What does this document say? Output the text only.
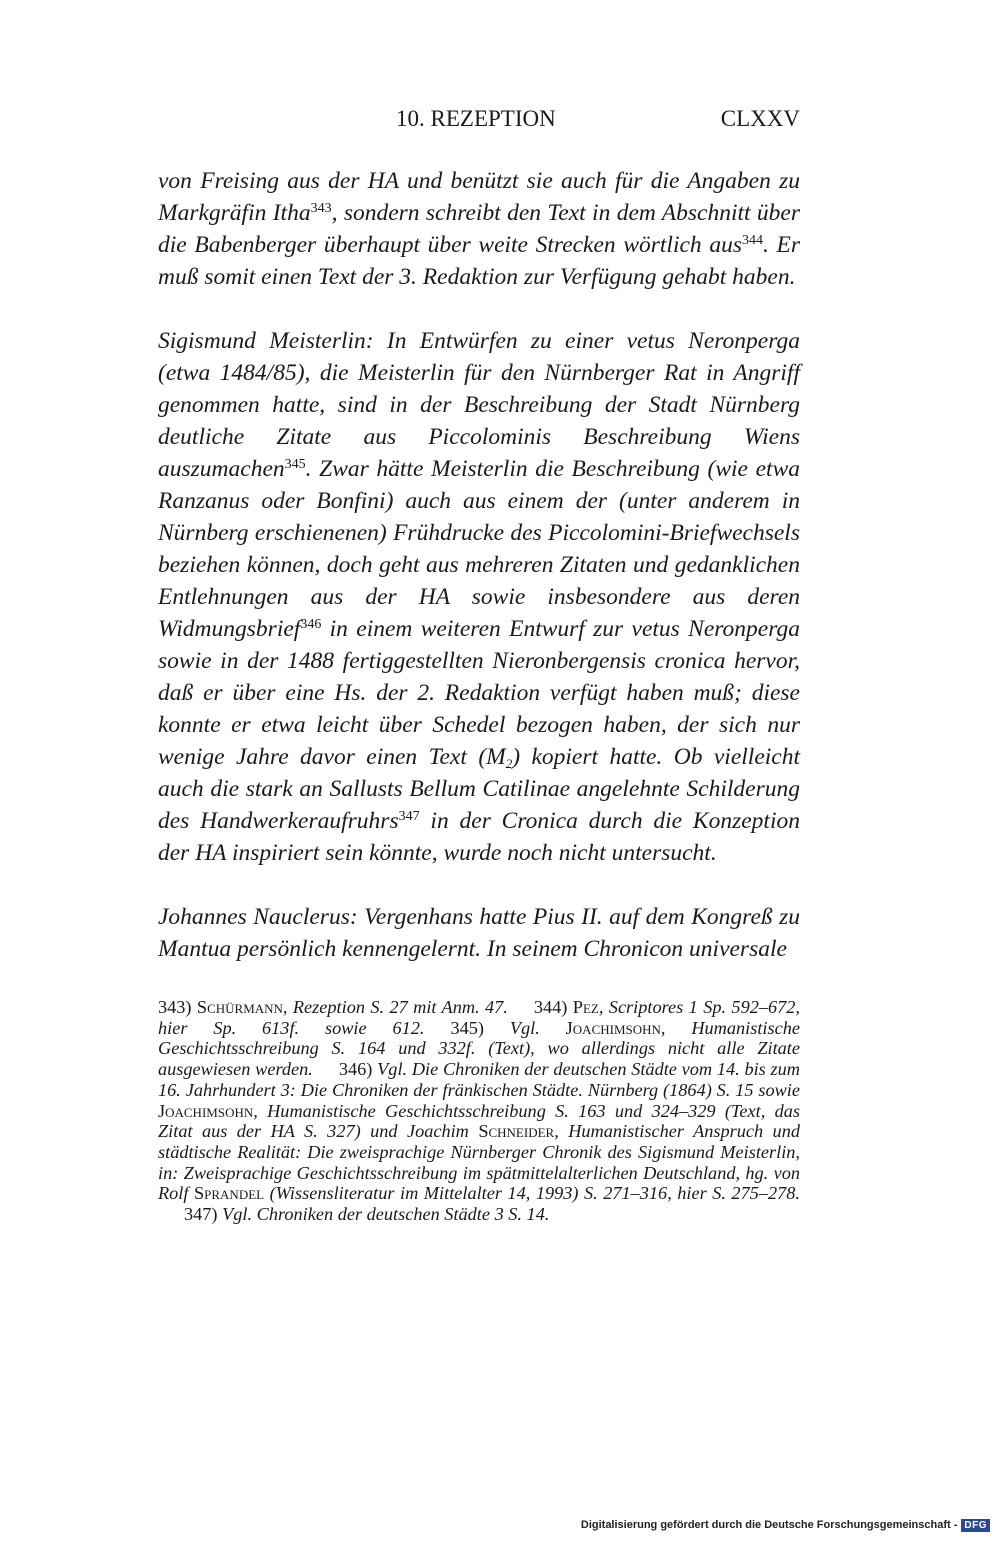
10. REZEPTION	CLXXV

von Freising aus der HA und benützt sie auch für die Angaben zu Markgräfin Itha$^{343}$, sondern schreibt den Text in dem Abschnitt über die Babenberger überhaupt über weite Strecken wörtlich aus$^{344}$. Er muß somit einen Text der 3. Redaktion zur Verfügung gehabt haben.

Sigismund Meisterlin: In Entwürfen zu einer vetus Neronperga (etwa 1484/85), die Meisterlin für den Nürnberger Rat in Angriff genommen hatte, sind in der Beschreibung der Stadt Nürnberg deutliche Zitate aus Piccolominis Beschreibung Wiens auszumachen$^{345}$. Zwar hätte Meisterlin die Beschreibung (wie etwa Ranzanus oder Bonfini) auch aus einem der (unter anderem in Nürnberg erschienenen) Frühdrucke des Piccolomini-Briefwechsels beziehen können, doch geht aus mehreren Zitaten und gedanklichen Entlehnungen aus der HA sowie insbesondere aus deren Widmungsbrief$^{346}$ in einem weiteren Entwurf zur vetus Neronperga sowie in der 1488 fertiggestellten Nieronbergensis cronica hervor, daß er über eine Hs. der 2. Redaktion verfügt haben muß; diese konnte er etwa leicht über Schedel bezogen haben, der sich nur wenige Jahre davor einen Text $(M_2)$ kopiert hatte. Ob vielleicht auch die stark an Sallusts Bellum Catilinae angelehnte Schilderung des Handwerkeraufruhrs$^{347}$ in der Cronica durch die Konzeption der HA inspiriert sein könnte, wurde noch nicht untersucht.

Johannes Nauclerus: Vergenhans hatte Pius II. auf dem Kongreß zu Mantua persönlich kennengelernt. In seinem Chronicon universale

343) Schürmann, Rezeption S. 27 mit Anm. 47. 344) Pez, Scriptores 1 Sp. 592–672, hier Sp. 613f. sowie 612. 345) Vgl. Joachimsohn, Humanistische Geschichtsschreibung S. 164 und 332f. (Text), wo allerdings nicht alle Zitate ausgewiesen werden. 346) Vgl. Die Chroniken der deutschen Städte vom 14. bis zum 16. Jahrhundert 3: Die Chroniken der fränkischen Städte. Nürnberg (1864) S. 15 sowie Joachimsohn, Humanistische Geschichtsschreibung S. 163 und 324–329 (Text, das Zitat aus der HA S. 327) und Joachim Schneider, Humanistischer Anspruch und städtische Realität: Die zweisprachige Nürnberger Chronik des Sigismund Meisterlin, in: Zweisprachige Geschichtsschreibung im spätmittelalterlichen Deutschland, hg. von Rolf Sprandel (Wissensliteratur im Mittelalter 14, 1993) S. 271–316, hier S. 275–278.347) Vgl. Chroniken der deutschen Städte 3 S. 14.
Digitalisierung gefördert durch die Deutsche Forschungsgemeinschaft - DFG
